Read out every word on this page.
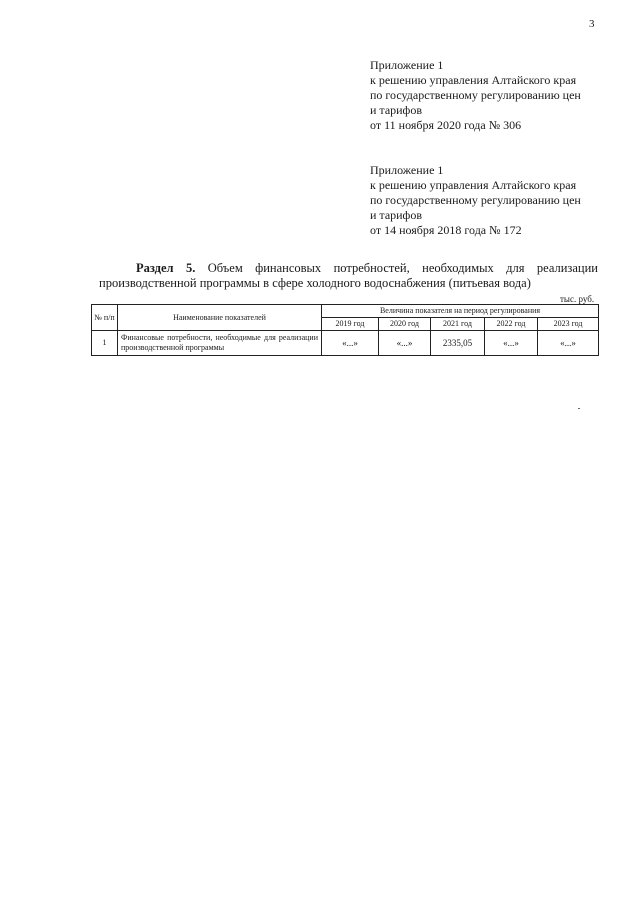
3
Приложение 1
к решению управления Алтайского края
по государственному регулированию цен
и тарифов
от 11 ноября 2020 года № 306
Приложение 1
к решению управления Алтайского края
по государственному регулированию цен
и тарифов
от 14 ноября 2018 года № 172
Раздел 5. Объем финансовых потребностей, необходимых для реализации производственной программы в сфере холодного водоснабжения (питьевая вода)
тыс. руб.
№ п/п	Наименование показателей	Величина показателя на период регулирования				
		2019 год	2020 год	2021 год	2022 год	2023 год
1	Финансовые потребности, необходимые для реализации производственной программы	«...»	«...»	2335,05	«...»	«...»
